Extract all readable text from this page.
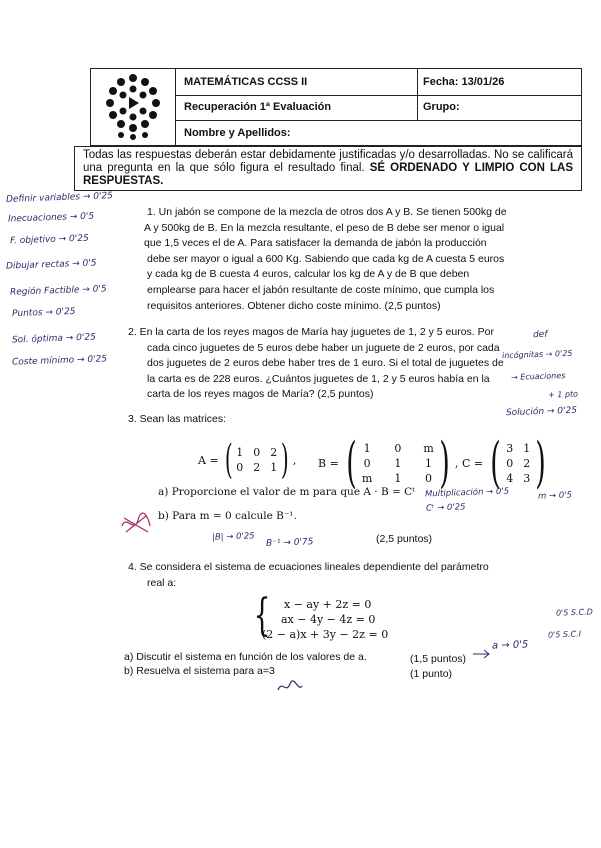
MATEMÁTICAS CCSS II	Fecha: 13/01/26
Recuperación 1ª Evaluación	Grupo:
Nombre y Apellidos:
Todas las respuestas deberán estar debidamente justificadas y/o desarrolladas. No se calificará una pregunta en la que sólo figura el resultado final. SÉ ORDENADO Y LIMPIO CON LAS RESPUESTAS.
1. Un jabón se compone de la mezcla de otros dos A y B. Se tienen 500kg de
A y 500kg de B. En la mezcla resultante, el peso de B debe ser menor o igual
que 1,5 veces el de A. Para satisfacer la demanda de jabón la producción
debe ser mayor o igual a 600 Kg. Sabiendo que cada kg de A cuesta 5 euros
y cada kg de B cuesta 4 euros, calcular los kg de A y de B que deben
emplearse para hacer el jabón resultante de coste mínimo, que cumpla los
requisitos anteriores. Obtener dicho coste mínimo. (2,5 puntos)
2. En la carta de los reyes magos de María hay juguetes de 1, 2 y 5 euros. Por
cada cinco juguetes de 5 euros debe haber un juguete de 2 euros, por cada
dos juguetes de 2 euros debe haber tres de 1 euro. Si el total de juguetes de
la carta es de 228 euros. ¿Cuántos juguetes de 1, 2 y 5 euros había en la
carta de los reyes magos de María? (2,5 puntos)
3. Sean las matrices:
A = ( 1 0 2
0 2 1 ) , B = ( 1 0 m
0 1 1
m 1 0 ) , C = ( 3 1
0 2
4 3 )
a) Proporcione el valor de m para que A · B = Cᵗ
b) Para m = 0 calcule B⁻¹.
(2,5 puntos)
4. Se considera el sistema de ecuaciones lineales dependiente del parámetro
real a:
{ x − ay + 2z = 0
ax − 4y − 4z = 0
(2 − a)x + 3y − 2z = 0
a) Discutir el sistema en función de los valores de a.	(1,5 puntos)
b) Resuelva el sistema para a=3	(1 punto)
Definir variables → 0'25
Inecuaciones → 0'5
F. objetivo → 0'25
Dibujar rectas → 0'5
Región Factible → 0'5
Puntos → 0'25
Sol. óptima → 0'25
Coste mínimo → 0'25
def
incógnitas → 0'25
→ Ecuaciones
+ 1 pto
Solución → 0'25
Multiplicación → 0'5
Cᵗ → 0'25
m → 0'5
|B| → 0'25
B⁻¹ → 0'75
0'5 S.C.D
a → 0'5
0'5 S.C.I
